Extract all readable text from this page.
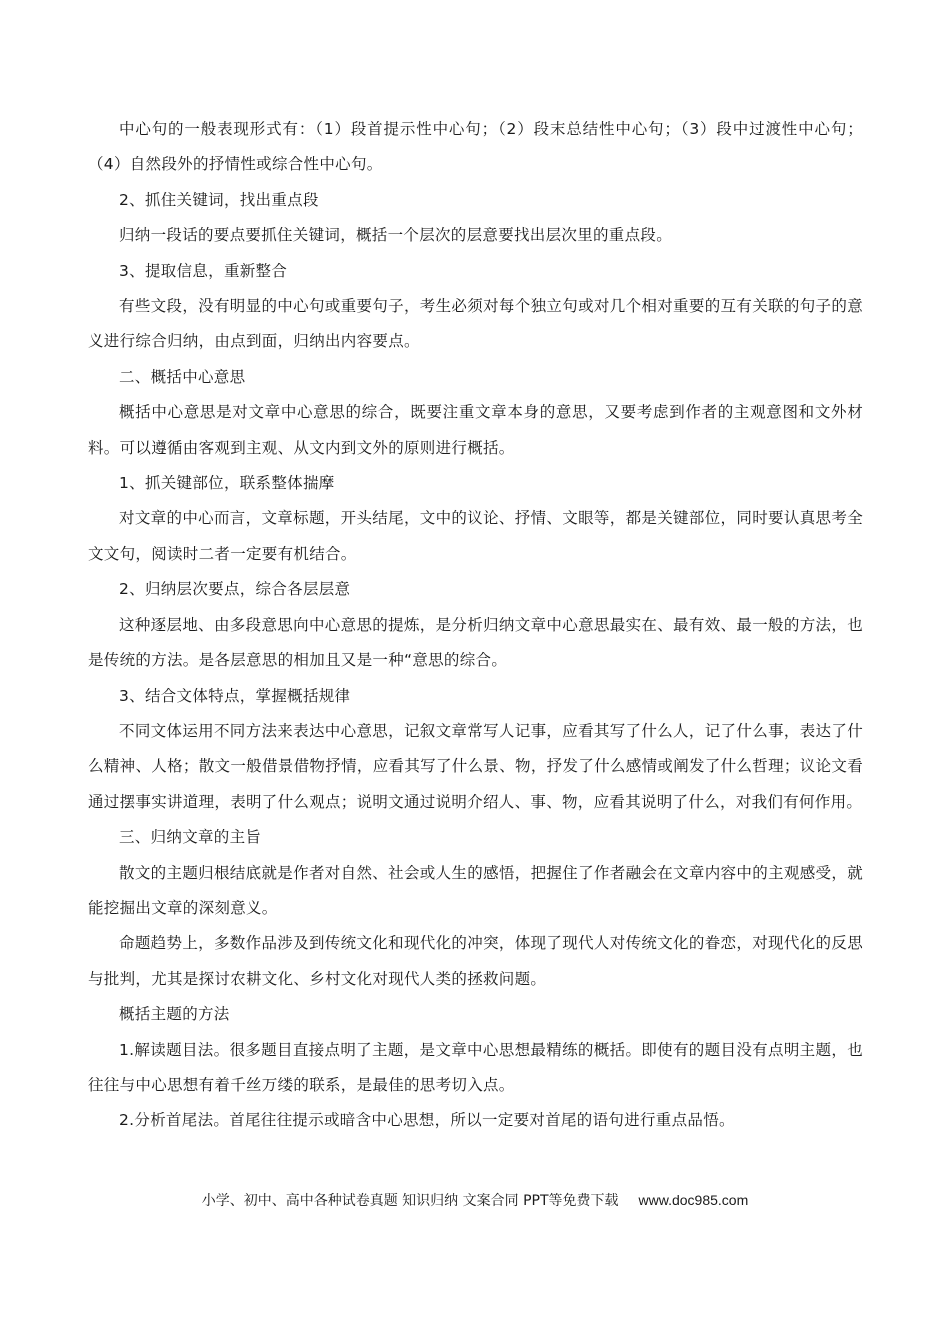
中心句的一般表现形式有：（1）段首提示性中心句；（2）段末总结性中心句；（3）段中过渡性中心句；（4）自然段外的抒情性或综合性中心句。

2、抓住关键词，找出重点段

归纳一段话的要点要抓住关键词，概括一个层次的层意要找出层次里的重点段。

3、提取信息，重新整合

有些文段，没有明显的中心句或重要句子，考生必须对每个独立句或对几个相对重要的互有关联的句子的意义进行综合归纳，由点到面，归纳出内容要点。

二、概括中心意思

概括中心意思是对文章中心意思的综合，既要注重文章本身的意思，又要考虑到作者的主观意图和文外材料。可以遵循由客观到主观、从文内到文外的原则进行概括。

1、抓关键部位，联系整体揣摩

对文章的中心而言，文章标题，开头结尾，文中的议论、抒情、文眼等，都是关键部位，同时要认真思考全文文句，阅读时二者一定要有机结合。

2、归纳层次要点，综合各层层意

这种逐层地、由多段意思向中心意思的提炼，是分析归纳文章中心意思最实在、最有效、最一般的方法，也是传统的方法。是各层意思的相加且又是一种“意思的综合。

3、结合文体特点，掌握概括规律

不同文体运用不同方法来表达中心意思，记叙文章常写人记事，应看其写了什么人，记了什么事，表达了什么精神、人格；散文一般借景借物抒情，应看其写了什么景、物，抒发了什么感情或阐发了什么哲理；议论文看通过摆事实讲道理，表明了什么观点；说明文通过说明介绍人、事、物，应看其说明了什么，对我们有何作用。

三、归纳文章的主旨

散文的主题归根结底就是作者对自然、社会或人生的感悟，把握住了作者融会在文章内容中的主观感受，就能挖掘出文章的深刻意义。

命题趋势上，多数作品涉及到传统文化和现代化的冲突，体现了现代人对传统文化的眷恋，对现代化的反思与批判，尤其是探讨农耕文化、乡村文化对现代人类的拯救问题。

概括主题的方法

1.解读题目法。很多题目直接点明了主题，是文章中心思想最精练的概括。即使有的题目没有点明主题，也往往与中心思想有着千丝万缕的联系，是最佳的思考切入点。

2.分析首尾法。首尾往往提示或暗含中心思想，所以一定要对首尾的语句进行重点品悟。

小学、初中、高中各种试卷真题 知识归纳 文案合同 PPT等免费下载 www.doc985.com
